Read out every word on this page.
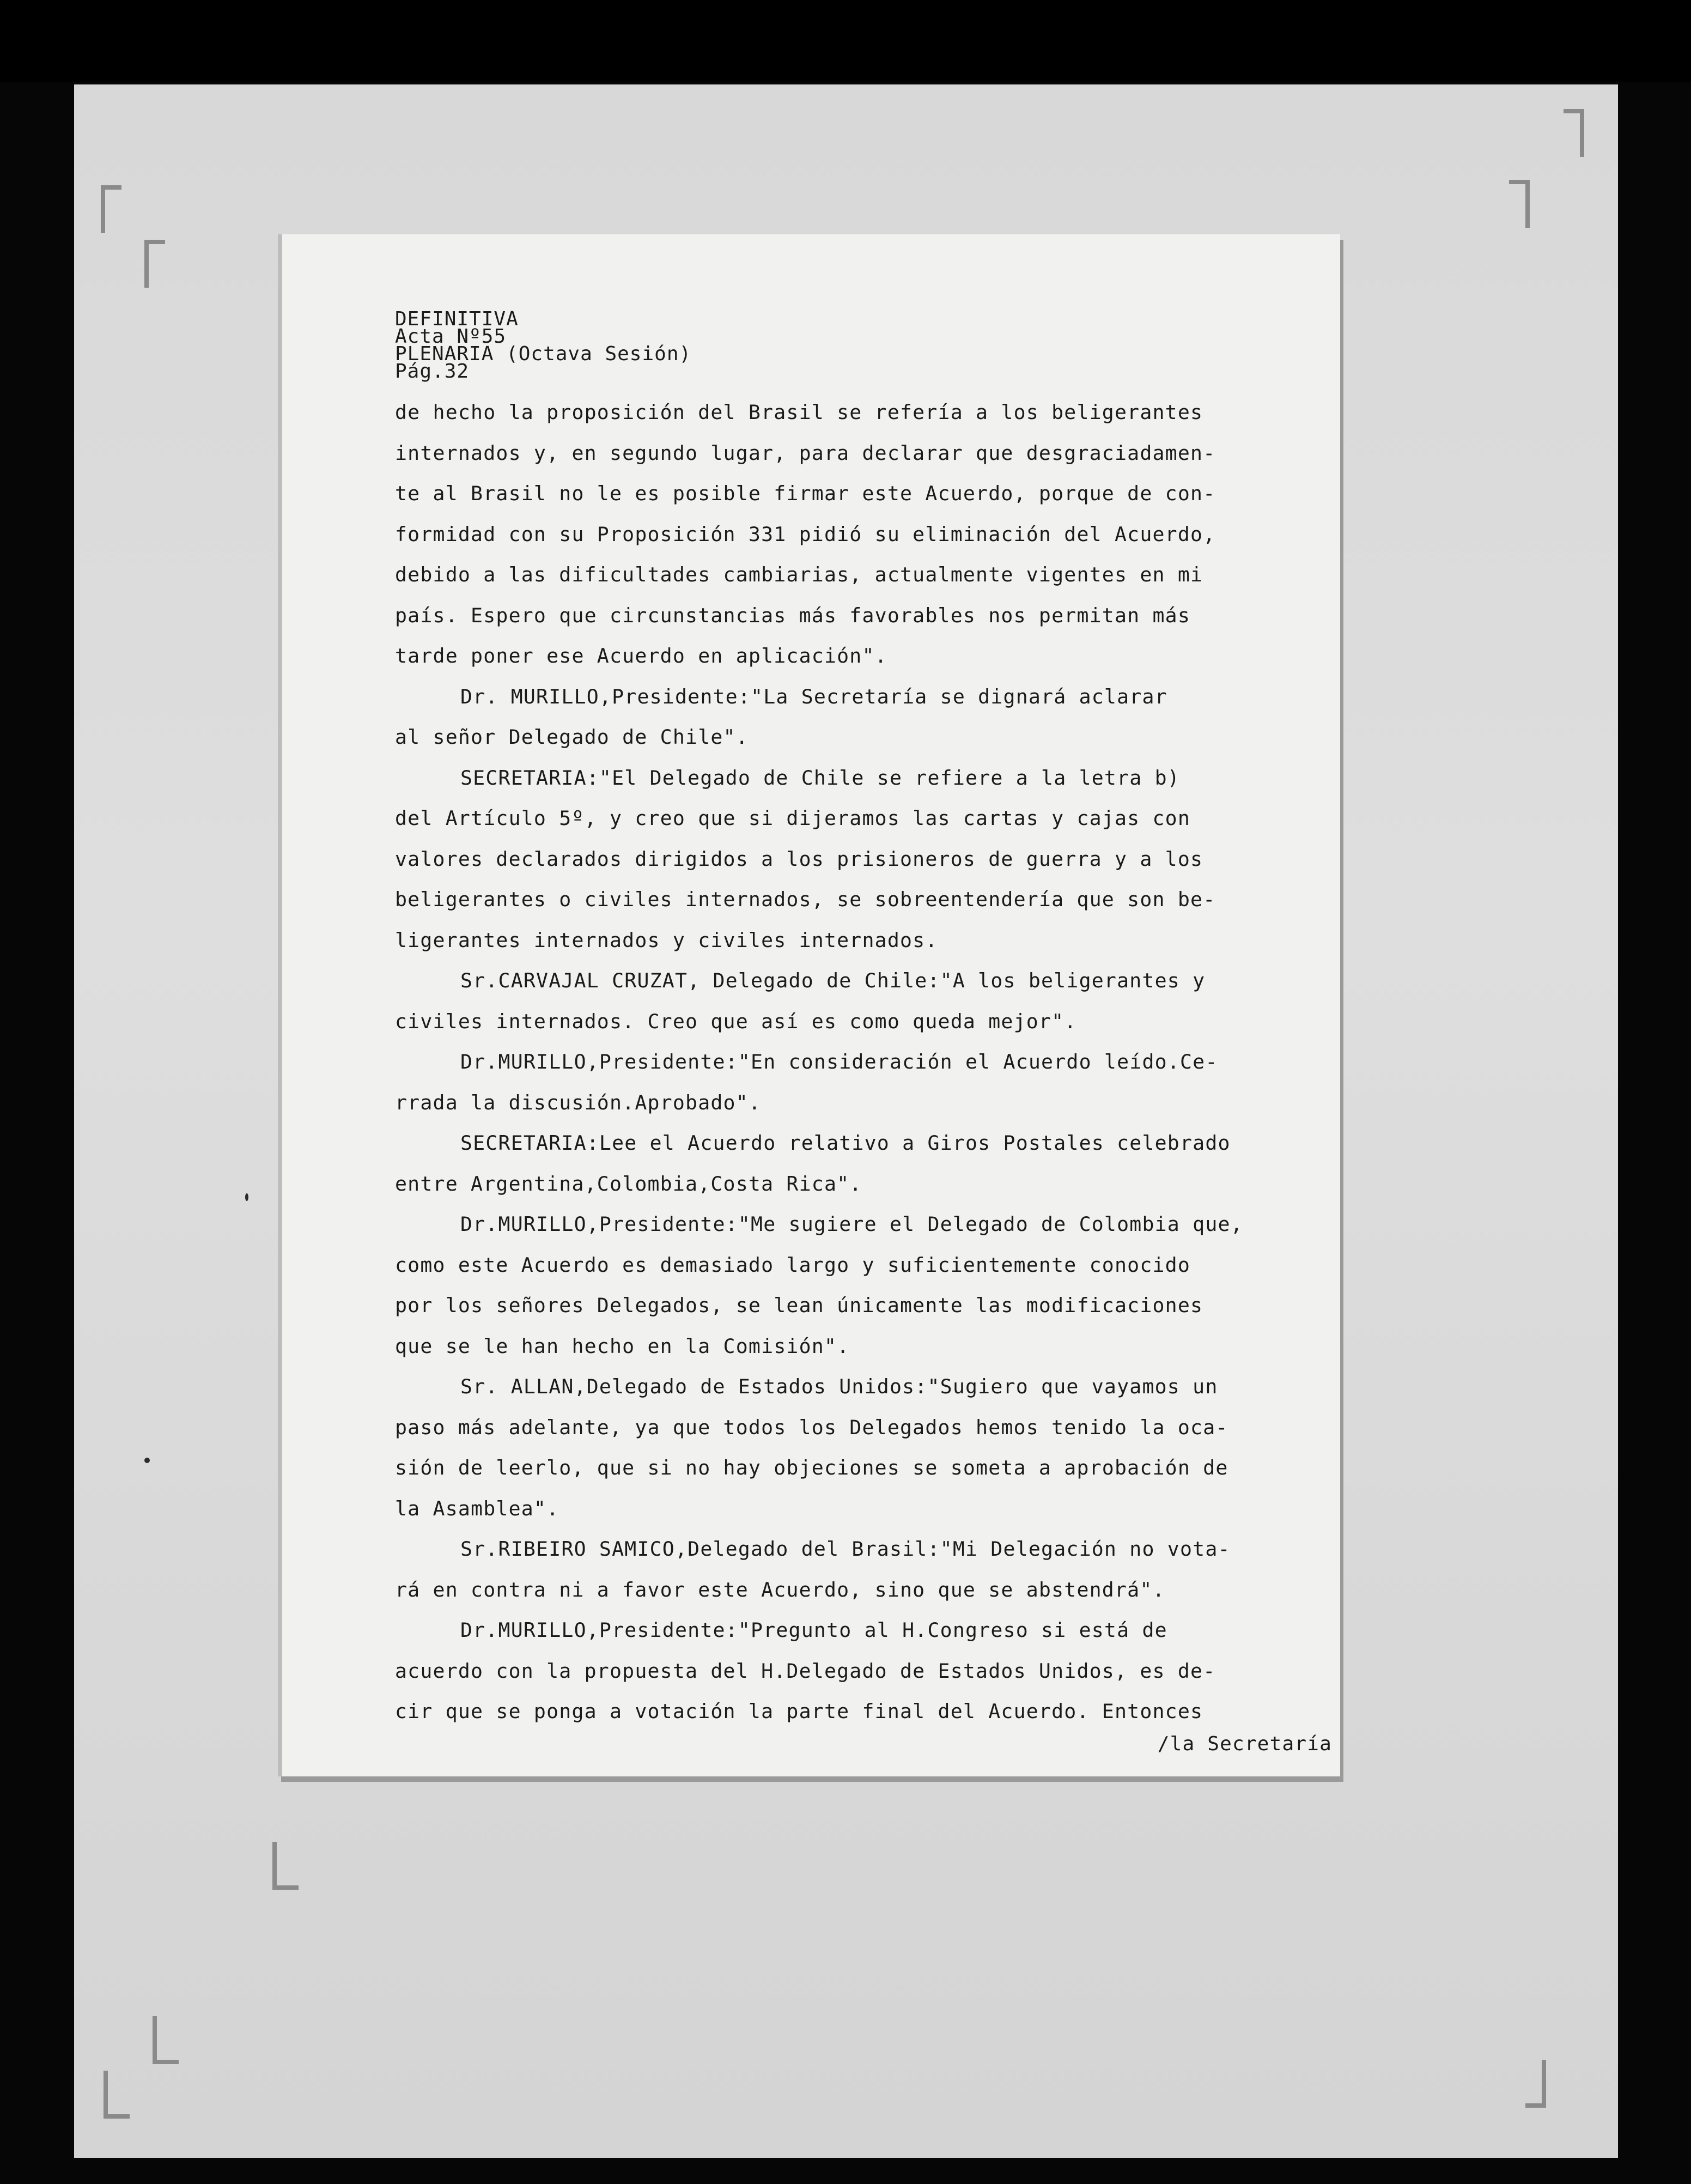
DEFINITIVA
Acta Nº55
PLENARIA (Octava Sesión)
Pág.32
de hecho la proposición del Brasil se refería a los beligerantes
internados y, en segundo lugar, para declarar que desgraciadamen-
te al Brasil no le es posible firmar este Acuerdo, porque de con-
formidad con su Proposición 331 pidió su eliminación del Acuerdo,
debido a las dificultades cambiarias, actualmente vigentes en mi
país. Espero que circunstancias más favorables nos permitan más
tarde poner ese Acuerdo en aplicación".
Dr. MURILLO,Presidente:"La Secretaría se dignará aclarar
al señor Delegado de Chile".
SECRETARIA:"El Delegado de Chile se refiere a la letra b)
del Artículo 5º, y creo que si dijeramos las cartas y cajas con
valores declarados dirigidos a los prisioneros de guerra y a los
beligerantes o civiles internados, se sobreentendería que son be-
ligerantes internados y civiles internados.
Sr.CARVAJAL CRUZAT, Delegado de Chile:"A los beligerantes y
civiles internados. Creo que así es como queda mejor".
Dr.MURILLO,Presidente:"En consideración el Acuerdo leído.Ce-
rrada la discusión.Aprobado".
SECRETARIA:Lee el Acuerdo relativo a Giros Postales celebrado
entre Argentina,Colombia,Costa Rica".
Dr.MURILLO,Presidente:"Me sugiere el Delegado de Colombia que,
como este Acuerdo es demasiado largo y suficientemente conocido
por los señores Delegados, se lean únicamente las modificaciones
que se le han hecho en la Comisión".
Sr. ALLAN,Delegado de Estados Unidos:"Sugiero que vayamos un
paso más adelante, ya que todos los Delegados hemos tenido la oca-
sión de leerlo, que si no hay objeciones se someta a aprobación de
la Asamblea".
Sr.RIBEIRO SAMICO,Delegado del Brasil:"Mi Delegación no vota-
rá en contra ni a favor este Acuerdo, sino que se abstendrá".
Dr.MURILLO,Presidente:"Pregunto al H.Congreso si está de
acuerdo con la propuesta del H.Delegado de Estados Unidos, es de-
cir que se ponga a votación la parte final del Acuerdo. Entonces
/la Secretaría
